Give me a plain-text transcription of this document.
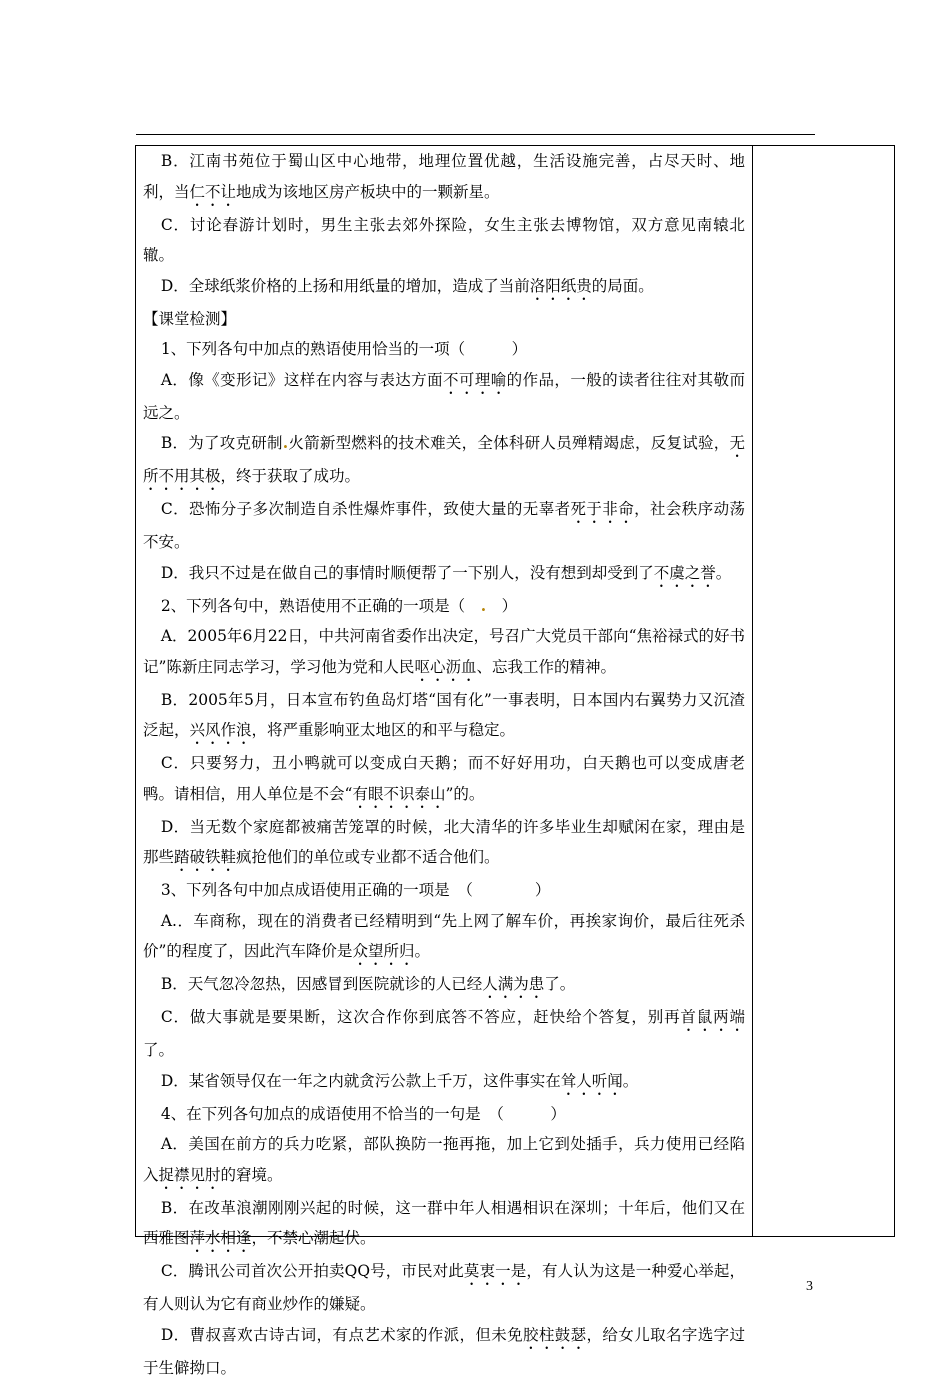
B．江南书苑位于蜀山区中心地带，地理位置优越，生活设施完善，占尽天时、地利，当仁不让地成为该地区房产板块中的一颗新星。

C．讨论春游计划时，男生主张去郊外探险，女生主张去博物馆，双方意见南辕北辙。

D．全球纸浆价格的上扬和用纸量的增加，造成了当前洛阳纸贵的局面。

【课堂检测】

1、下列各句中加点的熟语使用恰当的一项（　　　）

A．像《变形记》这样在内容与表达方面不可理喻的作品，一般的读者往往对其敬而远之。

B．为了攻克研制.火箭新型燃料的技术难关，全体科研人员殚精竭虑，反复试验，无所不用其极，终于获取了成功。

C．恐怖分子多次制造自杀性爆炸事件，致使大量的无辜者死于非命，社会秩序动荡不安。

D．我只不过是在做自己的事情时顺便帮了一下别人，没有想到却受到了不虞之誉。

2、下列各句中，熟语使用不正确的一项是（　.　）

A．2005年6月22日，中共河南省委作出决定，号召广大党员干部向“焦裕禄式的好书记”陈新庄同志学习，学习他为党和人民呕心沥血、忘我工作的精神。

B．2005年5月，日本宣布钓鱼岛灯塔“国有化”一事表明，日本国内右翼势力又沉渣泛起，兴风作浪，将严重影响亚太地区的和平与稳定。

C．只要努力，丑小鸭就可以变成白天鹅；而不好好用功，白天鹅也可以变成唐老鸭。请相信，用人单位是不会“有眼不识泰山”的。

D．当无数个家庭都被痛苦笼罩的时候，北大清华的许多毕业生却赋闲在家，理由是那些踏破铁鞋疯抢他们的单位或专业都不适合他们。

3、下列各句中加点成语使用正确的一项是　（　　　　）

A.．车商称，现在的消费者已经精明到“先上网了解车价，再挨家询价，最后往死杀价”的程度了，因此汽车降价是众望所归。

B．天气忽冷忽热，因感冒到医院就诊的人已经人满为患了。

C．做大事就是要果断，这次合作你到底答不答应，赶快给个答复，别再首鼠两端了。

D．某省领导仅在一年之内就贪污公款上千万，这件事实在耸人听闻。

4、在下列各句加点的成语使用不恰当的一句是　（　　　）

A．美国在前方的兵力吃紧，部队换防一拖再拖，加上它到处插手，兵力使用已经陷入捉襟见肘的窘境。

B．在改革浪潮刚刚兴起的时候，这一群中年人相遇相识在深圳；十年后，他们又在西雅图萍水相逢，不禁心潮起伏。

C．腾讯公司首次公开拍卖QQ号，市民对此莫衷一是，有人认为这是一种爱心举起，有人则认为它有商业炒作的嫌疑。

D．曹叔喜欢古诗古词，有点艺术家的作派，但未免胶柱鼓瑟，给女儿取名字选字过于生僻拗口。

3
